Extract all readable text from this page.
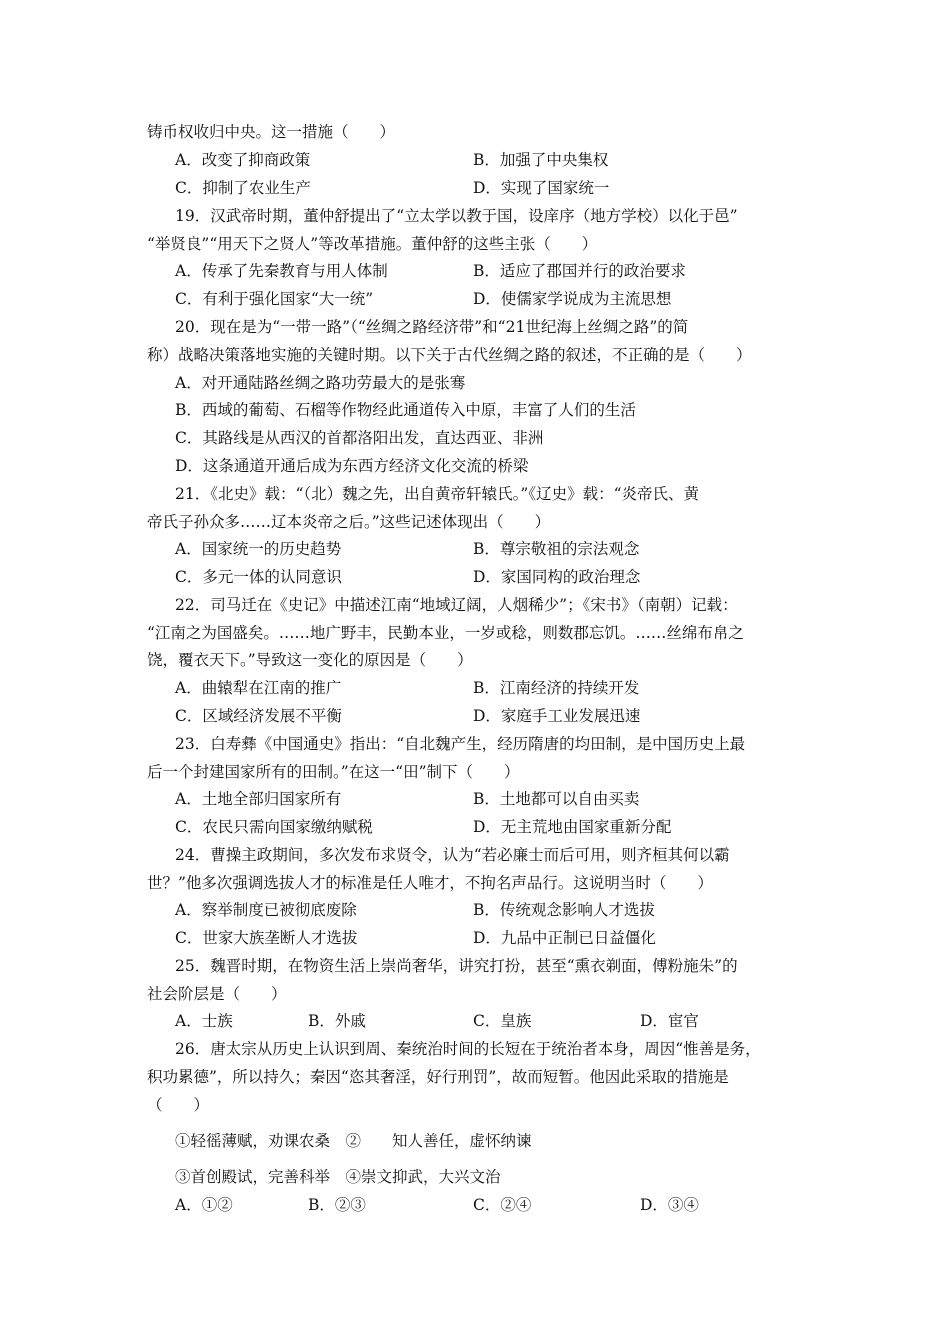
铸币权收归中央。这一措施（　　）
A．改变了抑商政策	B．加强了中央集权
C．抑制了农业生产	D．实现了国家统一
19．汉武帝时期，董仲舒提出了“立太学以教于国，设庠序（地方学校）以化于邑”
“举贤良”“用天下之贤人”等改革措施。董仲舒的这些主张（　　）
A．传承了先秦教育与用人体制	B．适应了郡国并行的政治要求
C．有利于强化国家“大一统”	D．使儒家学说成为主流思想
20．现在是为“一带一路”（“丝绸之路经济带”和“21世纪海上丝绸之路”的简
称）战略决策落地实施的关键时期。以下关于古代丝绸之路的叙述，不正确的是（　　）
A．对开通陆路丝绸之路功劳最大的是张骞
B．西域的葡萄、石榴等作物经此通道传入中原，丰富了人们的生活
C．其路线是从西汉的首都洛阳出发，直达西亚、非洲
D．这条通道开通后成为东西方经济文化交流的桥梁
21．《北史》载：“（北）魏之先，出自黄帝轩辕氏。”《辽史》载：“炎帝氏、黄
帝氏子孙众多……辽本炎帝之后。”这些记述体现出（　　）
A．国家统一的历史趋势	B．尊宗敬祖的宗法观念
C．多元一体的认同意识	D．家国同构的政治理念
22．司马迁在《史记》中描述江南“地域辽阔，人烟稀少”；《宋书》（南朝）记载：
“江南之为国盛矣。……地广野丰，民勤本业，一岁或稔，则数郡忘饥。……丝绵布帛之
饶，覆衣天下。”导致这一变化的原因是（　　）
A．曲辕犁在江南的推广	B．江南经济的持续开发
C．区域经济发展不平衡	D．家庭手工业发展迅速
23．白寿彝《中国通史》指出：“自北魏产生，经历隋唐的均田制，是中国历史上最
后一个封建国家所有的田制。”在这一“田”制下（　　）
A．土地全部归国家所有	B．土地都可以自由买卖
C．农民只需向国家缴纳赋税	D．无主荒地由国家重新分配
24．曹操主政期间，多次发布求贤令，认为“若必廉士而后可用，则齐桓其何以霸
世？”他多次强调选拔人才的标准是任人唯才，不拘名声品行。这说明当时（　　）
A．察举制度已被彻底废除	B．传统观念影响人才选拔
C．世家大族垄断人才选拔	D．九品中正制已日益僵化
25．魏晋时期，在物资生活上崇尚奢华，讲究打扮，甚至“熏衣剃面，傅粉施朱”的
社会阶层是（　　）
A．士族	B．外戚	C．皇族	D．宦官
26．唐太宗从历史上认识到周、秦统治时间的长短在于统治者本身，周因“惟善是务，
积功累德”，所以持久；秦因“恣其奢淫，好行刑罚”，故而短暂。他因此采取的措施是
（　　）
①轻徭薄赋，劝课农桑　②　　知人善任，虚怀纳谏
③首创殿试，完善科举　④崇文抑武，大兴文治
A．①②	B．②③	C．②④	D．③④
